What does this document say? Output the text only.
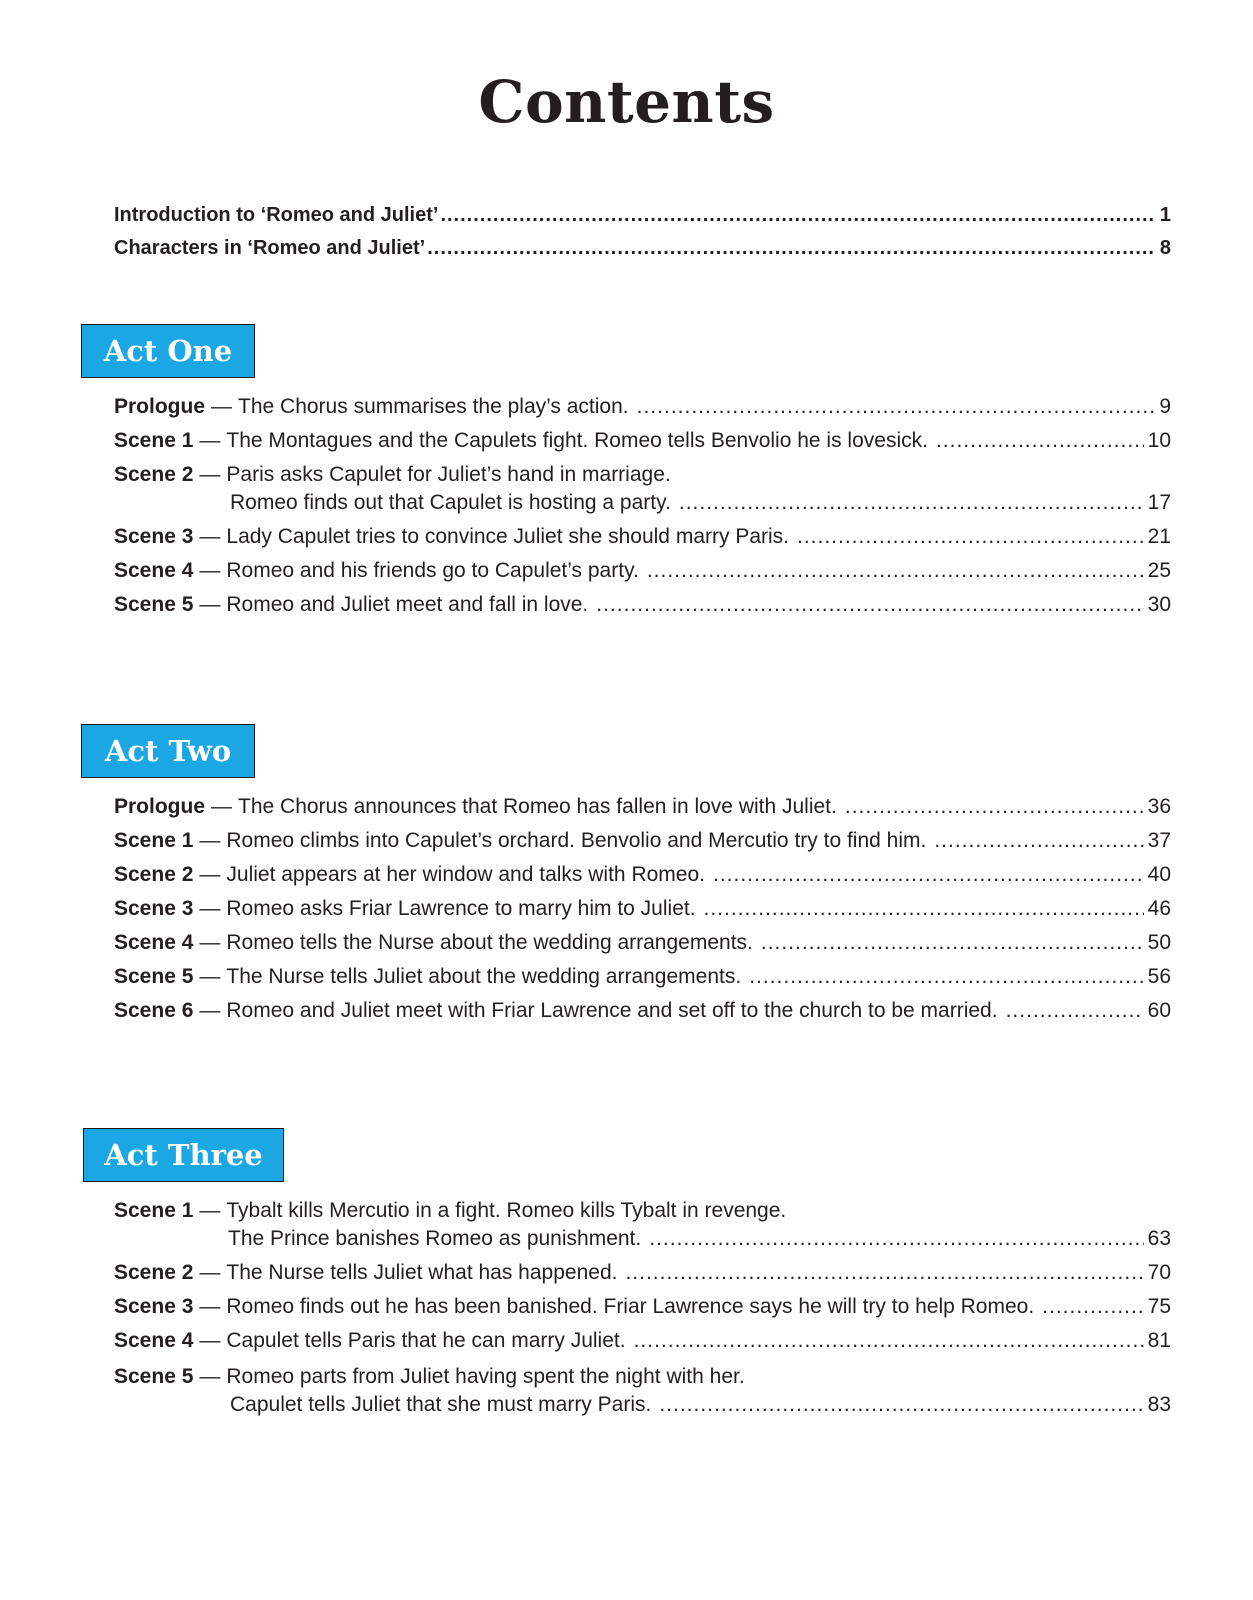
Contents
Introduction to ‘Romeo and Juliet’ .....	1
Characters in ‘Romeo and Juliet’ .....	8
Act One
Prologue — The Chorus summarises the play’s action. .....	9
Scene 1 — The Montagues and the Capulets fight. Romeo tells Benvolio he is lovesick. .....	10
Scene 2 — Paris asks Capulet for Juliet’s hand in marriage.
Romeo finds out that Capulet is hosting a party. .....	17
Scene 3 — Lady Capulet tries to convince Juliet she should marry Paris. .....	21
Scene 4 — Romeo and his friends go to Capulet’s party. .....	25
Scene 5 — Romeo and Juliet meet and fall in love. .....	30
Act Two
Prologue — The Chorus announces that Romeo has fallen in love with Juliet. .....	36
Scene 1 — Romeo climbs into Capulet’s orchard. Benvolio and Mercutio try to find him. .....	37
Scene 2 — Juliet appears at her window and talks with Romeo. .....	40
Scene 3 — Romeo asks Friar Lawrence to marry him to Juliet. .....	46
Scene 4 — Romeo tells the Nurse about the wedding arrangements. .....	50
Scene 5 — The Nurse tells Juliet about the wedding arrangements. .....	56
Scene 6 — Romeo and Juliet meet with Friar Lawrence and set off to the church to be married. .....	60
Act Three
Scene 1 — Tybalt kills Mercutio in a fight. Romeo kills Tybalt in revenge.
The Prince banishes Romeo as punishment. .....	63
Scene 2 — The Nurse tells Juliet what has happened. .....	70
Scene 3 — Romeo finds out he has been banished. Friar Lawrence says he will try to help Romeo. .....	75
Scene 4 — Capulet tells Paris that he can marry Juliet. .....	81
Scene 5 — Romeo parts from Juliet having spent the night with her.
Capulet tells Juliet that she must marry Paris. .....	83
